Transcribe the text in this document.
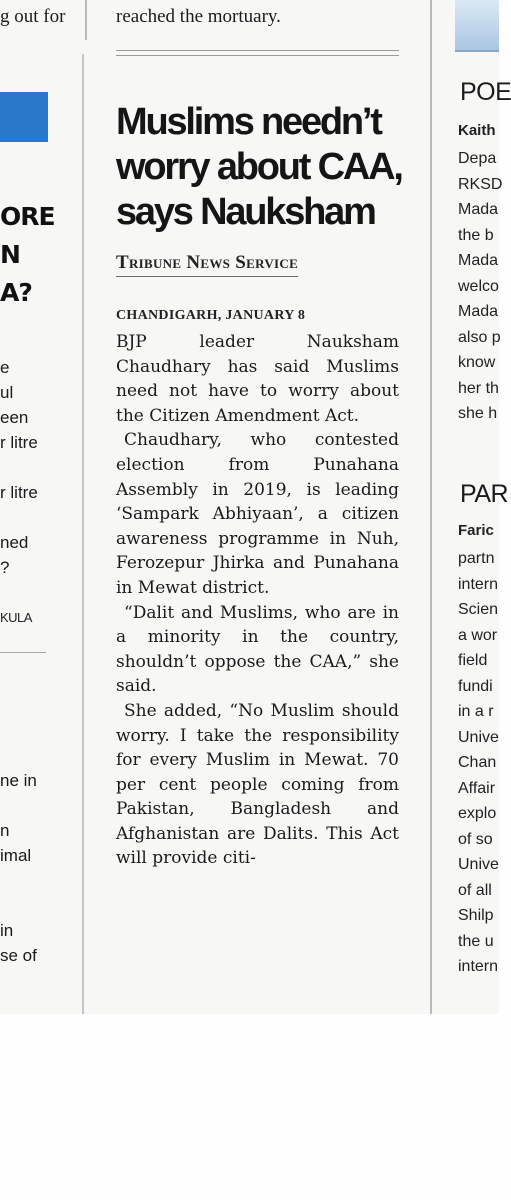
g out for
ORE
N
A?

e
ul
een
r litre

r litre

ned
?
KULA
ne in

n
imal

in
se of
reached the mortuary.
Muslims needn’t worry about CAA, says Nauksham
Tribune News Service
CHANDIGARH, JANUARY 8

BJP leader Nauksham Chaudhary has said Muslims need not have to worry about the Citizen Amendment Act.

Chaudhary, who contested election from Punahana Assembly in 2019, is leading ‘Sampark Abhiyaan’, a citizen awareness programme in Nuh, Ferozepur Jhirka and Punahana in Mewat district.

“Dalit and Muslims, who are in a minority in the country, shouldn’t oppose the CAA,” she said.

She added, “No Muslim should worry. I take the responsibility for every Muslim in Mewat. 70 per cent people coming from Pakistan, Bangladesh and Afghanistan are Dalits. This Act will provide citi-

POE
Kaith
Depa
RKSD
Mada
the b
Mada
welco
Mada
also p
know
her th
she h
PAR
Faric
partn
intern
Scien
a wor
field
fundi
in a r
Unive
Chan
Affair
explo
of so
Unive
of all
Shilp
the u
intern
